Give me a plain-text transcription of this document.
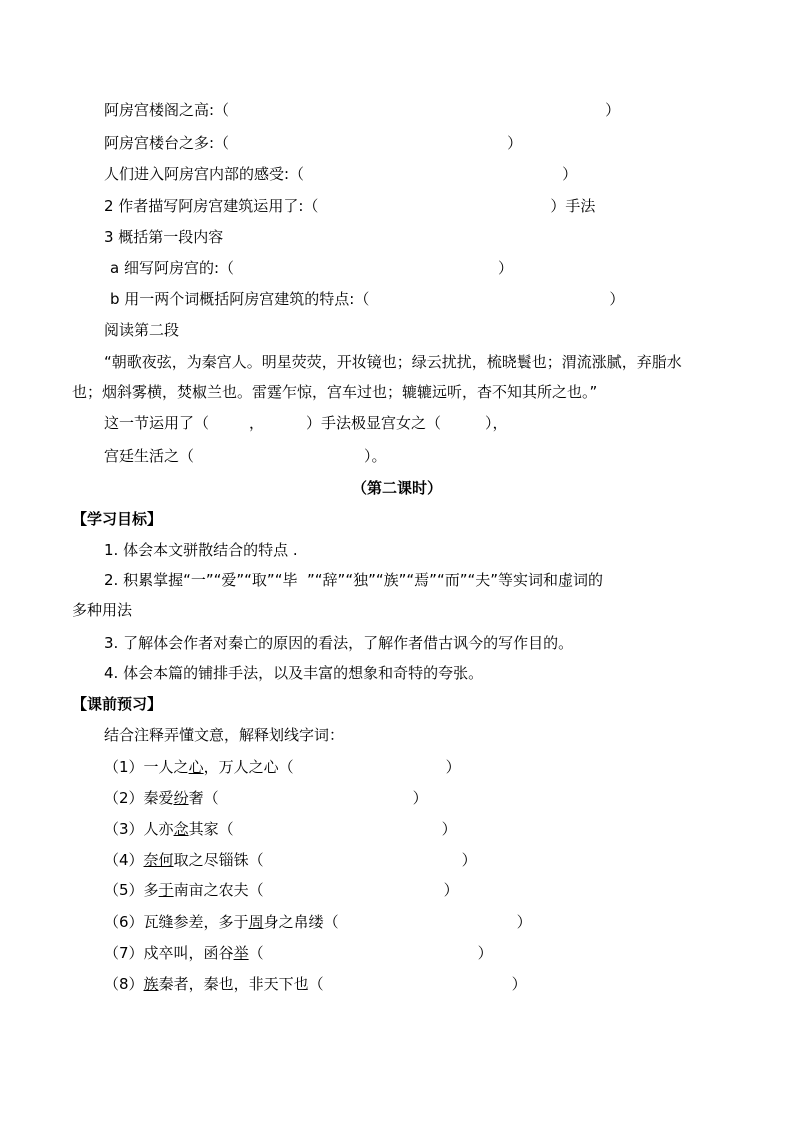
阿房宫楼阁之高:（	）
阿房宫楼台之多:（	）
人们进入阿房宫内部的感受:（	）
2 作者描写阿房宫建筑运用了:（	）手法
3 概括第一段内容
a 细写阿房宫的:（	）
b 用一两个词概括阿房宫建筑的特点:（	）
阅读第二段
“朝歌夜弦，为秦宫人。明星荧荧，开妆镜也；绿云扰扰，梳晓鬟也；渭流涨腻，弃脂水
也；烟斜雾横，焚椒兰也。雷霆乍惊，宫车过也；辘辘远听，杳不知其所之也。”
这一节运用了（	，	）手法极显宫女之（	），
宫廷生活之（	）。
（第二课时）
【学习目标】
1. 体会本文骈散结合的特点 .
2. 积累掌握“一”“爱”“取”“毕  ”“辞”“独”“族”“焉”“而”“夫”等实词和虚词的
多种用法
3. 了解体会作者对秦亡的原因的看法，了解作者借古讽今的写作目的。
4. 体会本篇的铺排手法，以及丰富的想象和奇特的夸张。
【课前预习】
结合注释弄懂文意，解释划线字词：
（1）一人之心，万人之心（	）
（2）秦爱纷奢（	）
（3）人亦念其家（	）
（4）奈何取之尽锱铢（	）
（5）多于南亩之农夫（	）
（6）瓦缝参差，多于周身之帛缕（	）
（7）戍卒叫，函谷举（	）
（8）族秦者，秦也，非天下也（	）
